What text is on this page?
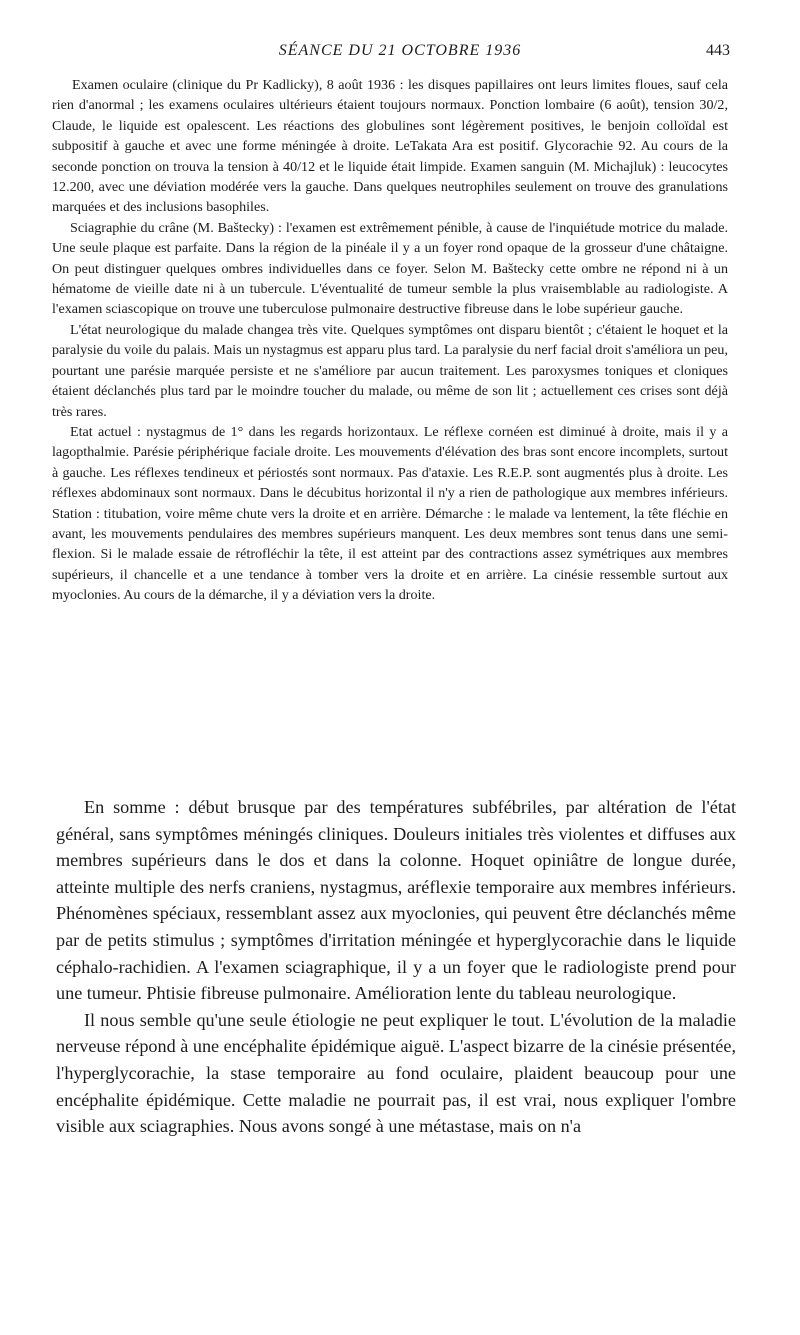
SÉANCE DU 21 OCTOBRE 1936	443

Examen oculaire (clinique du Pr Kadlicky), 8 août 1936 : les disques papillaires ont leurs limites floues, sauf cela rien d'anormal ; les examens oculaires ultérieurs étaient toujours normaux. Ponction lombaire (6 août), tension 30/2, Claude, le liquide est opalescent. Les réactions des globulines sont légèrement positives, le benjoin colloïdal est subpositif à gauche et avec une forme méningée à droite. LeTakata Ara est positif. Glycorachie 92. Au cours de la seconde ponction on trouva la tension à 40/12 et le liquide était limpide. Examen sanguin (M. Michajluk) : leucocytes 12.200, avec une déviation modérée vers la gauche. Dans quelques neutrophiles seulement on trouve des granulations marquées et des inclusions basophiles.

Sciagraphie du crâne (M. Baštecky) : l'examen est extrêmement pénible, à cause de l'inquiétude motrice du malade. Une seule plaque est parfaite. Dans la région de la pinéale il y a un foyer rond opaque de la grosseur d'une châtaigne. On peut distinguer quelques ombres individuelles dans ce foyer. Selon M. Baštecky cette ombre ne répond ni à un hématome de vieille date ni à un tubercule. L'éventualité de tumeur semble la plus vraisemblable au radiologiste. A l'examen sciascopique on trouve une tuberculose pulmonaire destructive fibreuse dans le lobe supérieur gauche.

L'état neurologique du malade changea très vite. Quelques symptômes ont disparu bientôt ; c'étaient le hoquet et la paralysie du voile du palais. Mais un nystagmus est apparu plus tard. La paralysie du nerf facial droit s'améliora un peu, pourtant une parésie marquée persiste et ne s'améliore par aucun traitement. Les paroxysmes toniques et cloniques étaient déclanchés plus tard par le moindre toucher du malade, ou même de son lit ; actuellement ces crises sont déjà très rares.

Etat actuel : nystagmus de 1° dans les regards horizontaux. Le réflexe cornéen est diminué à droite, mais il y a lagopthalmie. Parésie périphérique faciale droite. Les mouvements d'élévation des bras sont encore incomplets, surtout à gauche. Les réflexes tendineux et périostés sont normaux. Pas d'ataxie. Les R.E.P. sont augmentés plus à droite. Les réflexes abdominaux sont normaux. Dans le décubitus horizontal il n'y a rien de pathologique aux membres inférieurs. Station : titubation, voire même chute vers la droite et en arrière. Démarche : le malade va lentement, la tête fléchie en avant, les mouvements pendulaires des membres supérieurs manquent. Les deux membres sont tenus dans une semi-flexion. Si le malade essaie de rétrofléchir la tête, il est atteint par des contractions assez symétriques aux membres supérieurs, il chancelle et a une tendance à tomber vers la droite et en arrière. La cinésie ressemble surtout aux myoclonies. Au cours de la démarche, il y a déviation vers la droite.

En somme : début brusque par des températures subfébriles, par altération de l'état général, sans symptômes méningés cliniques. Douleurs initiales très violentes et diffuses aux membres supérieurs dans le dos et dans la colonne. Hoquet opiniâtre de longue durée, atteinte multiple des nerfs craniens, nystagmus, aréflexie temporaire aux membres inférieurs. Phénomènes spéciaux, ressemblant assez aux myoclonies, qui peuvent être déclanchés même par de petits stimulus ; symptômes d'irritation méningée et hyperglycorachie dans le liquide céphalo-rachidien. A l'examen sciagraphique, il y a un foyer que le radiologiste prend pour une tumeur. Phtisie fibreuse pulmonaire. Amélioration lente du tableau neurologique.

Il nous semble qu'une seule étiologie ne peut expliquer le tout. L'évolution de la maladie nerveuse répond à une encéphalite épidémique aiguë. L'aspect bizarre de la cinésie présentée, l'hyperglycorachie, la stase temporaire au fond oculaire, plaident beaucoup pour une encéphalite épidémique. Cette maladie ne pourrait pas, il est vrai, nous expliquer l'ombre visible aux sciagraphies. Nous avons songé à une métastase, mais on n'a
